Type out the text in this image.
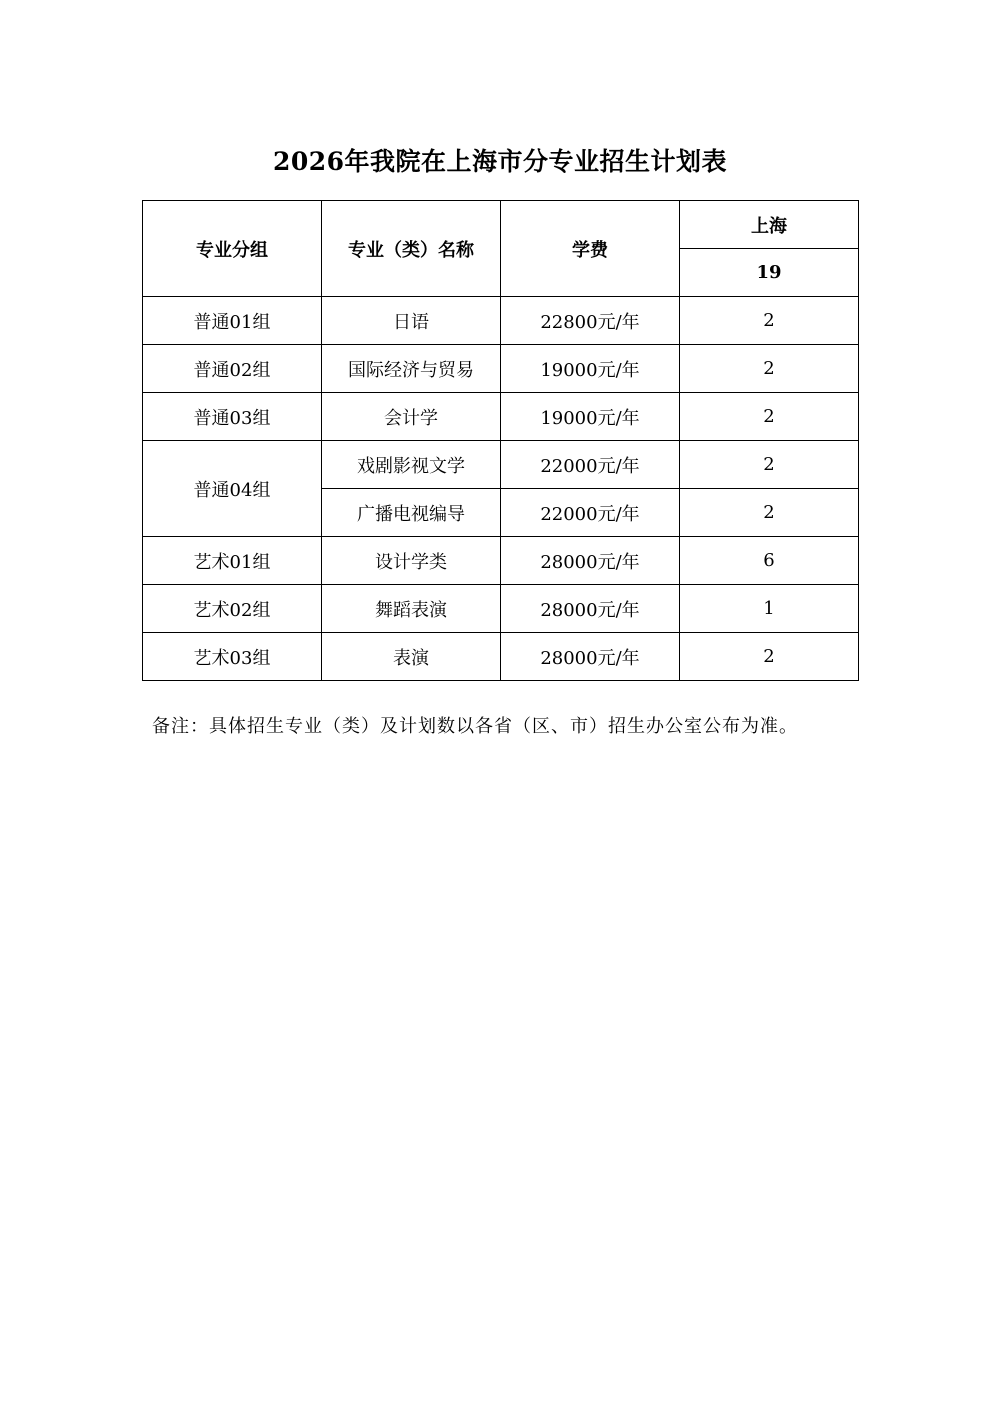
2026年我院在上海市分专业招生计划表
专业分组	专业（类）名称	学费	上海
			19
普通01组	日语	22800元/年	2
普通02组	国际经济与贸易	19000元/年	2
普通03组	会计学	19000元/年	2
普通04组	戏剧影视文学	22000元/年	2
	广播电视编导	22000元/年	2
艺术01组	设计学类	28000元/年	6
艺术02组	舞蹈表演	28000元/年	1
艺术03组	表演	28000元/年	2
备注：具体招生专业（类）及计划数以各省（区、市）招生办公室公布为准。
